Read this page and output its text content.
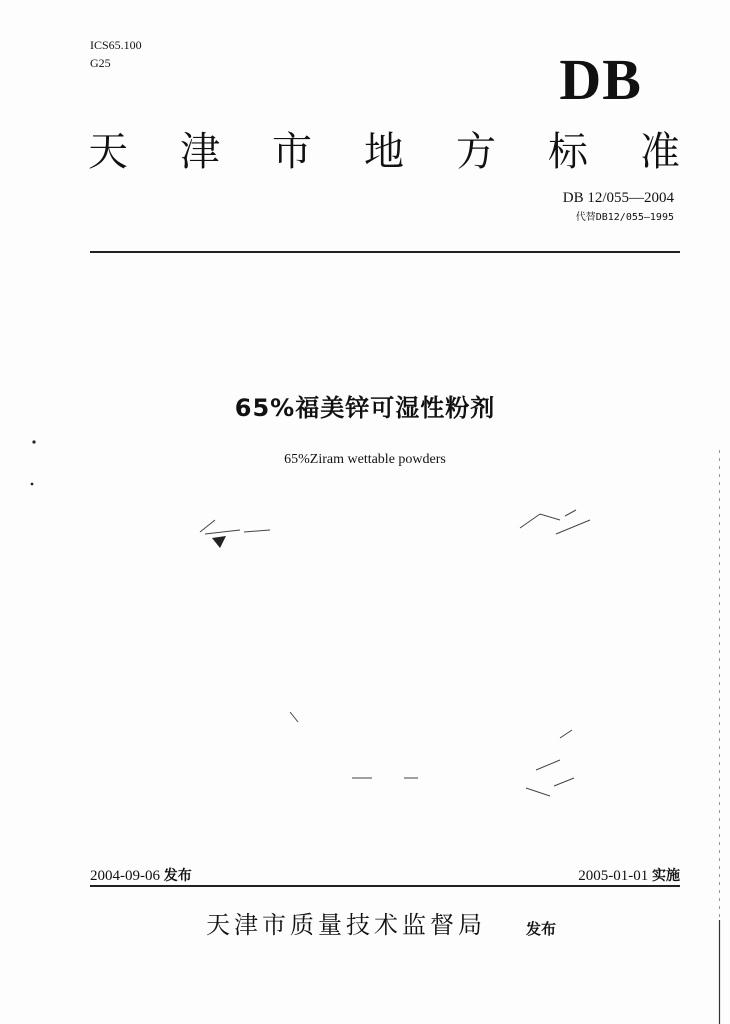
ICS65.100
G25	DB
天 津 市 地 方 标 准
DB 12/055—2004
代替DB12/055—1995
65%福美锌可湿性粉剂
65%Ziram wettable powders
2004-09-06 发布	2005-01-01 实施
天津市质量技术监督局	发布
